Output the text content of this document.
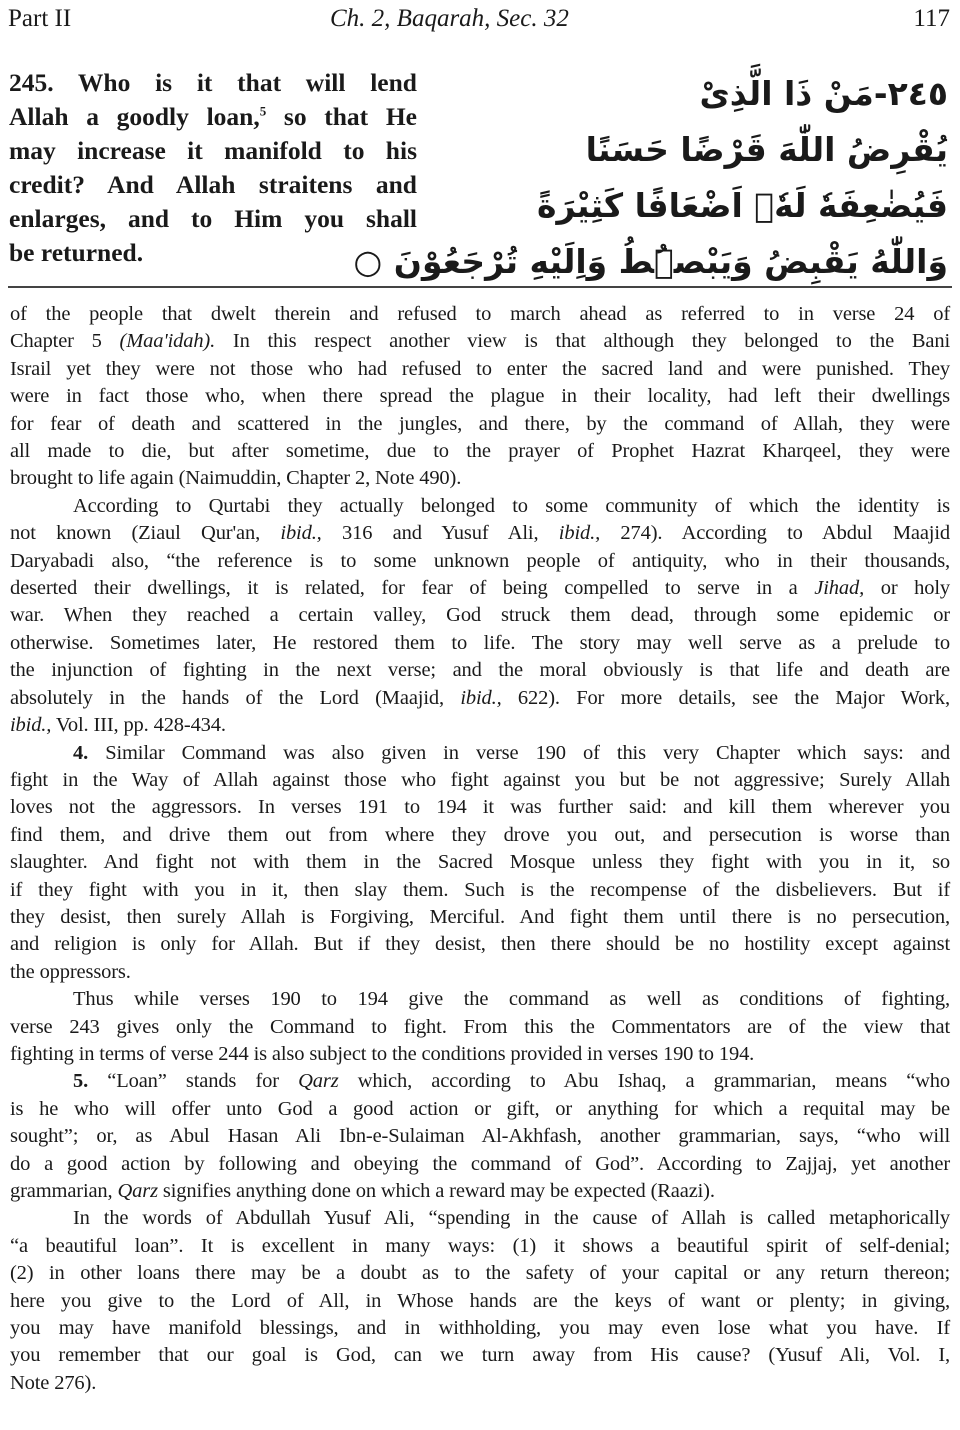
Part II	Ch. 2, Baqarah, Sec. 32	117
245. Who is it that will lend
Allah a goodly loan,$^5$ so that He
may increase it manifold to his
credit? And Allah straitens and
enlarges, and to Him you shall
be returned.
٢٤٥-مَنْ ذَا الَّذِىْ
يُقْرِضُ اللّٰهَ قَرْضًا حَسَنًا
فَيُضٰعِفَهٗ لَهٗۤ اَضْعَافًا كَثِيْرَةً
وَاللّٰهُ يَقْبِضُ وَيَبْصُۜطُ وَاِلَيْهِ تُرْجَعُوْنَ ○
of the people that dwelt therein and refused to march ahead as referred to in verse 24 of
Chapter 5 (Maa'idah). In this respect another view is that although they belonged to the Bani
Israil yet they were not those who had refused to enter the sacred land and were punished. They
were in fact those who, when there spread the plague in their locality, had left their dwellings
for fear of death and scattered in the jungles, and there, by the command of Allah, they were
all made to die, but after sometime, due to the prayer of Prophet Hazrat Kharqeel, they were
brought to life again (Naimuddin, Chapter 2, Note 490).
According to Qurtabi they actually belonged to some community of which the identity is
not known (Ziaul Qur'an, ibid., 316 and Yusuf Ali, ibid., 274). According to Abdul Maajid
Daryabadi also, “the reference is to some unknown people of antiquity, who in their thousands,
deserted their dwellings, it is related, for fear of being compelled to serve in a Jihad, or holy
war. When they reached a certain valley, God struck them dead, through some epidemic or
otherwise. Sometimes later, He restored them to life. The story may well serve as a prelude to
the injunction of fighting in the next verse; and the moral obviously is that life and death are
absolutely in the hands of the Lord (Maajid, ibid., 622). For more details, see the Major Work,
ibid., Vol. III, pp. 428-434.
4. Similar Command was also given in verse 190 of this very Chapter which says: and
fight in the Way of Allah against those who fight against you but be not aggressive; Surely Allah
loves not the aggressors. In verses 191 to 194 it was further said: and kill them wherever you
find them, and drive them out from where they drove you out, and persecution is worse than
slaughter. And fight not with them in the Sacred Mosque unless they fight with you in it, so
if they fight with you in it, then slay them. Such is the recompense of the disbelievers. But if
they desist, then surely Allah is Forgiving, Merciful. And fight them until there is no persecution,
and religion is only for Allah. But if they desist, then there should be no hostility except against
the oppressors.
Thus while verses 190 to 194 give the command as well as conditions of fighting,
verse 243 gives only the Command to fight. From this the Commentators are of the view that
fighting in terms of verse 244 is also subject to the conditions provided in verses 190 to 194.
5. “Loan” stands for Qarz which, according to Abu Ishaq, a grammarian, means “who
is he who will offer unto God a good action or gift, or anything for which a requital may be
sought”; or, as Abul Hasan Ali Ibn-e-Sulaiman Al-Akhfash, another grammarian, says, “who will
do a good action by following and obeying the command of God”. According to Zajjaj, yet another
grammarian, Qarz signifies anything done on which a reward may be expected (Raazi).
In the words of Abdullah Yusuf Ali, “spending in the cause of Allah is called metaphorically
“a beautiful loan”. It is excellent in many ways: (1) it shows a beautiful spirit of self-denial;
(2) in other loans there may be a doubt as to the safety of your capital or any return thereon;
here you give to the Lord of All, in Whose hands are the keys of want or plenty; in giving,
you may have manifold blessings, and in withholding, you may even lose what you have. If
you remember that our goal is God, can we turn away from His cause? (Yusuf Ali, Vol. I,
Note 276).
